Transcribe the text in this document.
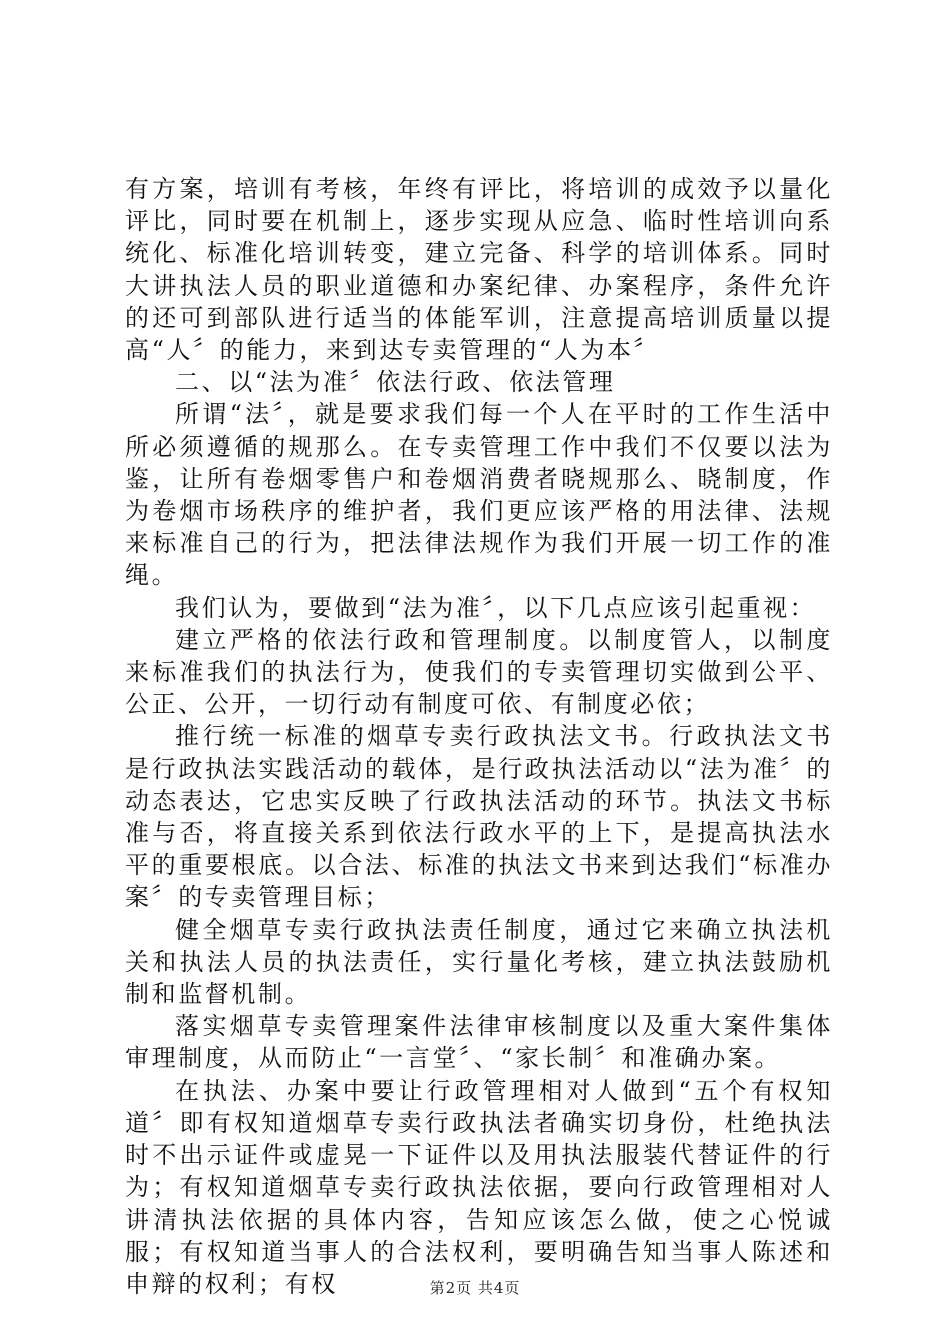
有方案，培训有考核，年终有评比，将培训的成效予以量化评比，同时要在机制上，逐步实现从应急、临时性培训向系统化、标准化培训转变，建立完备、科学的培训体系。同时大讲执法人员的职业道德和办案纪律、办案程序，条件允许的还可到部队进行适当的体能军训，注意提高培训质量以提高“人〞的能力，来到达专卖管理的“人为本〞

二、以“法为准〞依法行政、依法管理

所谓“法〞，就是要求我们每一个人在平时的工作生活中所必须遵循的规那么。在专卖管理工作中我们不仅要以法为鉴，让所有卷烟零售户和卷烟消费者晓规那么、晓制度，作为卷烟市场秩序的维护者，我们更应该严格的用法律、法规来标准自己的行为，把法律法规作为我们开展一切工作的准绳。

我们认为，要做到“法为准〞，以下几点应该引起重视：

建立严格的依法行政和管理制度。以制度管人，以制度来标准我们的执法行为，使我们的专卖管理切实做到公平、公正、公开，一切行动有制度可依、有制度必依；

推行统一标准的烟草专卖行政执法文书。行政执法文书是行政执法实践活动的载体，是行政执法活动以“法为准〞的动态表达，它忠实反映了行政执法活动的环节。执法文书标准与否，将直接关系到依法行政水平的上下，是提高执法水平的重要根底。以合法、标准的执法文书来到达我们“标准办案〞的专卖管理目标；

健全烟草专卖行政执法责任制度，通过它来确立执法机关和执法人员的执法责任，实行量化考核，建立执法鼓励机制和监督机制。

落实烟草专卖管理案件法律审核制度以及重大案件集体审理制度，从而防止“一言堂〞、“家长制〞和准确办案。

在执法、办案中要让行政管理相对人做到“五个有权知道〞即有权知道烟草专卖行政执法者确实切身份，杜绝执法时不出示证件或虚晃一下证件以及用执法服装代替证件的行为；有权知道烟草专卖行政执法依据，要向行政管理相对人讲清执法依据的具体内容，告知应该怎么做，使之心悦诚服；有权知道当事人的合法权利，要明确告知当事人陈述和申辩的权利；有权	第2页 共4页
